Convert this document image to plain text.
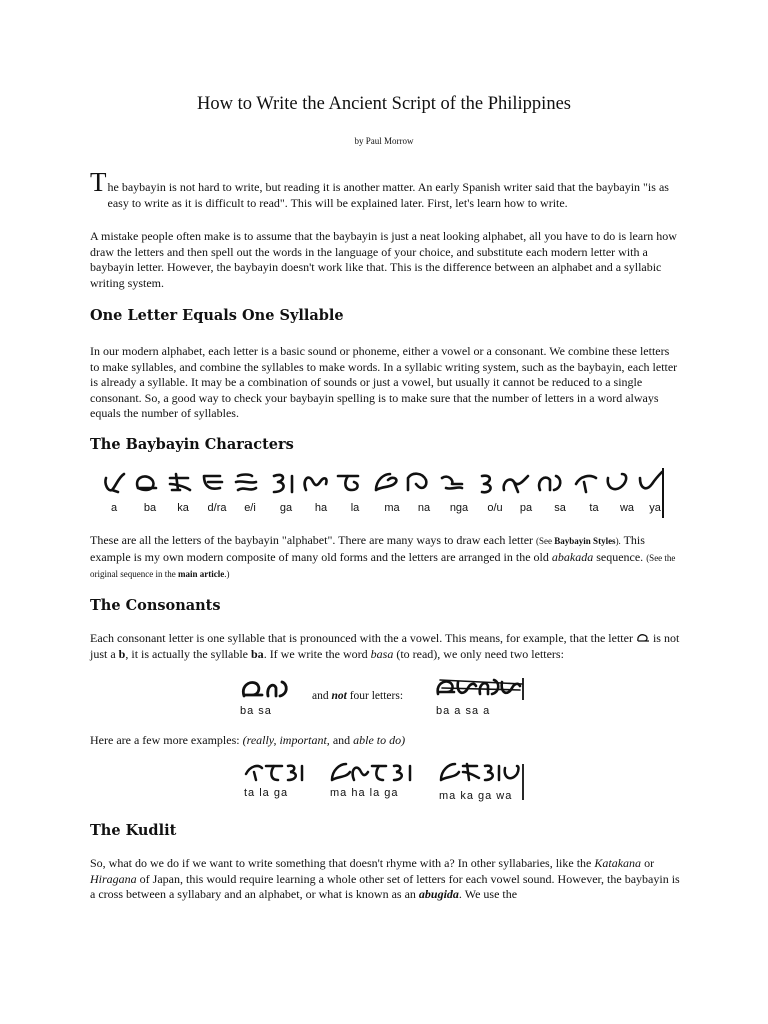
How to Write the Ancient Script of the Philippines
by Paul Morrow

The baybayin is not hard to write, but reading it is another matter. An early Spanish writer said that the baybayin "is as easy to write as it is difficult to read". This will be explained later. First, let's learn how to write.

A mistake people often make is to assume that the baybayin is just a neat looking alphabet, all you have to do is learn how draw the letters and then spell out the words in the language of your choice, and substitute each modern letter with a baybayin letter. However, the baybayin doesn't work like that. This is the difference between an alphabet and a syllabic writing system.

One Letter Equals One Syllable

In our modern alphabet, each letter is a basic sound or phoneme, either a vowel or a consonant. We combine these letters to make syllables, and combine the syllables to make words. In a syllabic writing system, such as the baybayin, each letter is already a syllable. It may be a combination of sounds or just a vowel, but usually it cannot be reduced to a single consonant. So, a good way to check your baybayin spelling is to make sure that the number of letters in a word always equals the number of syllables.

The Baybayin Characters
a	ba	ka	d/ra	e/i	ga	ha	la	ma	na	nga	o/u	pa	sa	ta	wa	ya

These are all the letters of the baybayin "alphabet". There are many ways to draw each letter (See Baybayin Styles). This example is my own modern composite of many old forms and the letters are arranged in the old abakada sequence. (See the original sequence in the main article.)

The Consonants

Each consonant letter is one syllable that is pronounced with the a vowel. This means, for example, that the letter  is not just a b, it is actually the syllable ba. If we write the word basa (to read), we only need two letters:

ba sa
and not four letters:
ba a sa a

Here are a few more examples: (really, important, and able to do)

ta la ga	ma ha la ga	ma ka ga wa
The Kudlit

So, what do we do if we want to write something that doesn't rhyme with a? In other syllabaries, like the Katakana or Hiragana of Japan, this would require learning a whole other set of letters for each vowel sound. However, the baybayin is a cross between a syllabary and an alphabet, or what is known as an abugida. We use the
